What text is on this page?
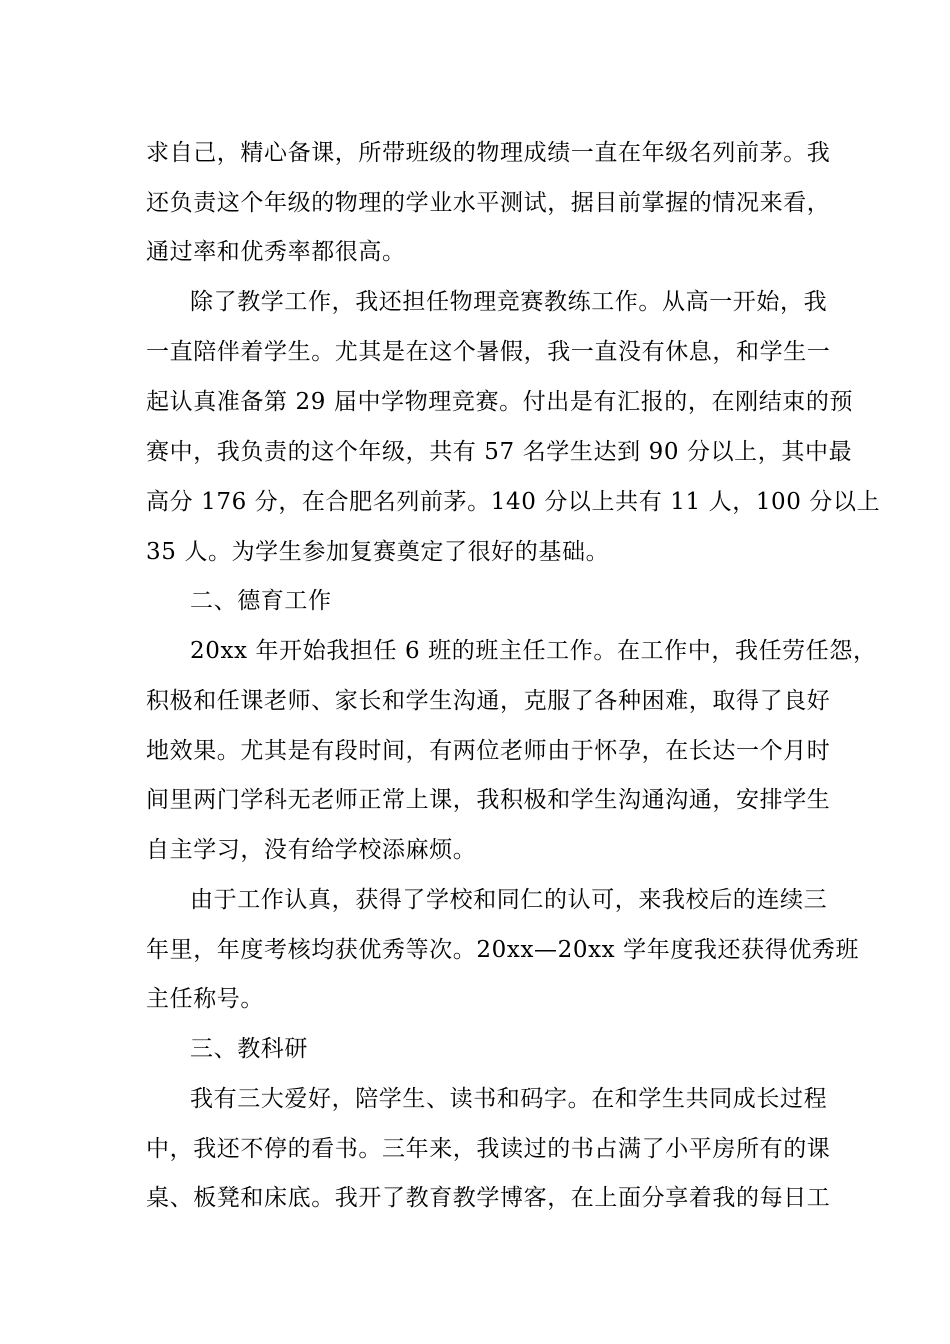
求自己，精心备课，所带班级的物理成绩一直在年级名列前茅。我
还负责这个年级的物理的学业水平测试，据目前掌握的情况来看，
通过率和优秀率都很高。
除了教学工作，我还担任物理竞赛教练工作。从高一开始，我
一直陪伴着学生。尤其是在这个暑假，我一直没有休息，和学生一
起认真准备第 29 届中学物理竞赛。付出是有汇报的，在刚结束的预
赛中，我负责的这个年级，共有 57 名学生达到 90 分以上，其中最
高分 176 分，在合肥名列前茅。140 分以上共有 11 人，100 分以上
35 人。为学生参加复赛奠定了很好的基础。
二、德育工作
20xx 年开始我担任 6 班的班主任工作。在工作中，我任劳任怨，
积极和任课老师、家长和学生沟通，克服了各种困难，取得了良好
地效果。尤其是有段时间，有两位老师由于怀孕，在长达一个月时
间里两门学科无老师正常上课，我积极和学生沟通沟通，安排学生
自主学习，没有给学校添麻烦。
由于工作认真，获得了学校和同仁的认可，来我校后的连续三
年里，年度考核均获优秀等次。20xx—20xx 学年度我还获得优秀班
主任称号。
三、教科研
我有三大爱好，陪学生、读书和码字。在和学生共同成长过程
中，我还不停的看书。三年来，我读过的书占满了小平房所有的课
桌、板凳和床底。我开了教育教学博客，在上面分享着我的每日工
